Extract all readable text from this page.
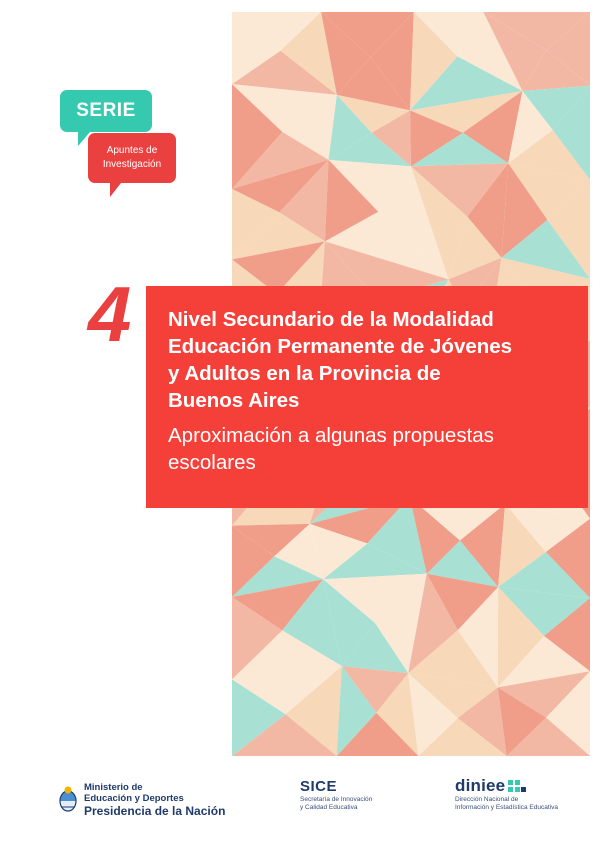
SERIE
Apuntes de
Investigación
4 Nivel Secundario de la Modalidad
Educación Permanente de Jóvenes
y Adultos en la Provincia de
Buenos Aires
Aproximación a algunas propuestas
escolares
Ministerio de
Educación y Deportes
Presidencia de la Nación
SICE
Secretaría de Innovación
y Calidad Educativa
diniee
Dirección Nacional de
Información y Estadística Educativa
